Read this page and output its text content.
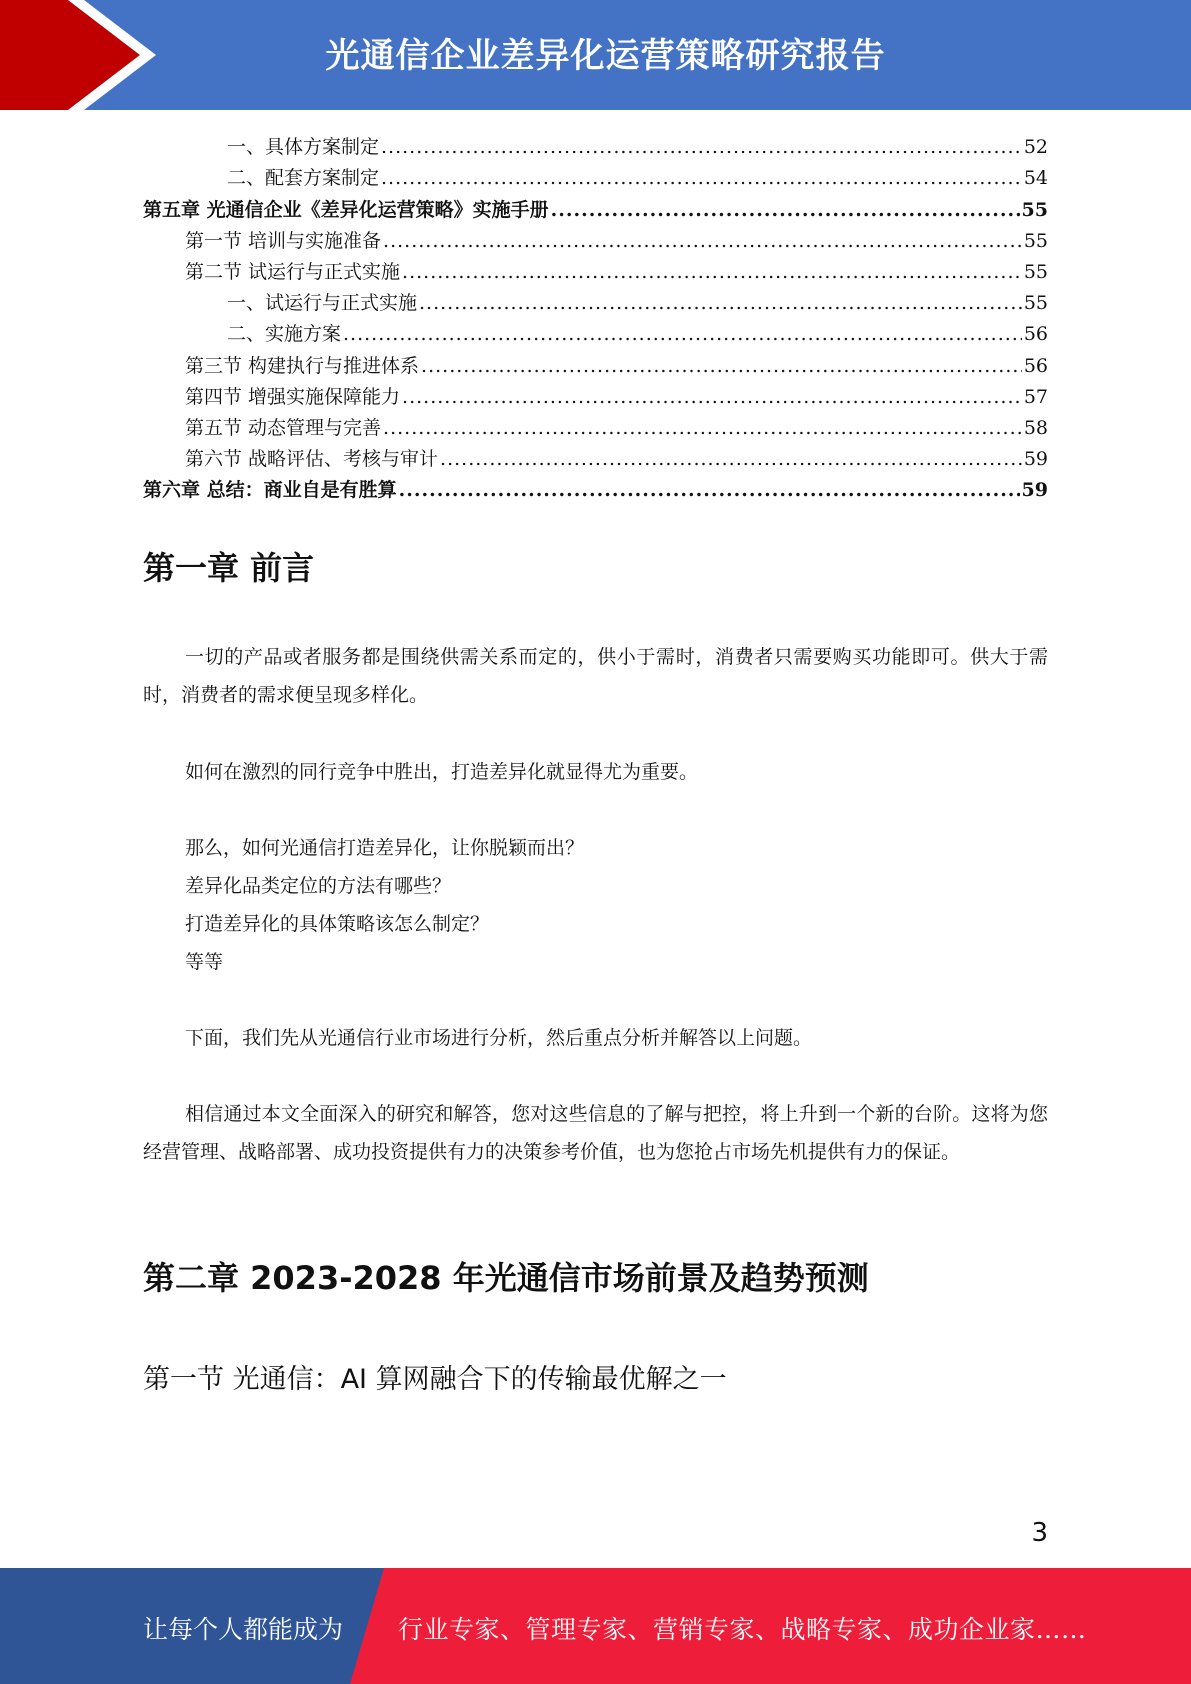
光通信企业差异化运营策略研究报告
一、具体方案制定 .....	52
二、配套方案制定 .....	54
第五章 光通信企业《差异化运营策略》实施手册 .....	55
第一节 培训与实施准备 .....	55
第二节 试运行与正式实施 .....	55
一、试运行与正式实施 .....	55
二、实施方案 .....	56
第三节 构建执行与推进体系 .....	56
第四节 增强实施保障能力 .....	57
第五节 动态管理与完善 .....	58
第六节 战略评估、考核与审计 .....	59
第六章 总结：商业自是有胜算 .....	59
第一章 前言

一切的产品或者服务都是围绕供需关系而定的，供小于需时，消费者只需要购买功能即可。供大于需时，消费者的需求便呈现多样化。

如何在激烈的同行竞争中胜出，打造差异化就显得尤为重要。
那么，如何光通信打造差异化，让你脱颖而出？
差异化品类定位的方法有哪些？
打造差异化的具体策略该怎么制定？
等等
下面，我们先从光通信行业市场进行分析，然后重点分析并解答以上问题。

相信通过本文全面深入的研究和解答，您对这些信息的了解与把控，将上升到一个新的台阶。这将为您经营管理、战略部署、成功投资提供有力的决策参考价值，也为您抢占市场先机提供有力的保证。

第二章 2023-2028 年光通信市场前景及趋势预测
第一节 光通信：AI 算网融合下的传输最优解之一
3
让每个人都能成为 行业专家、管理专家、营销专家、战略专家、成功企业家……
